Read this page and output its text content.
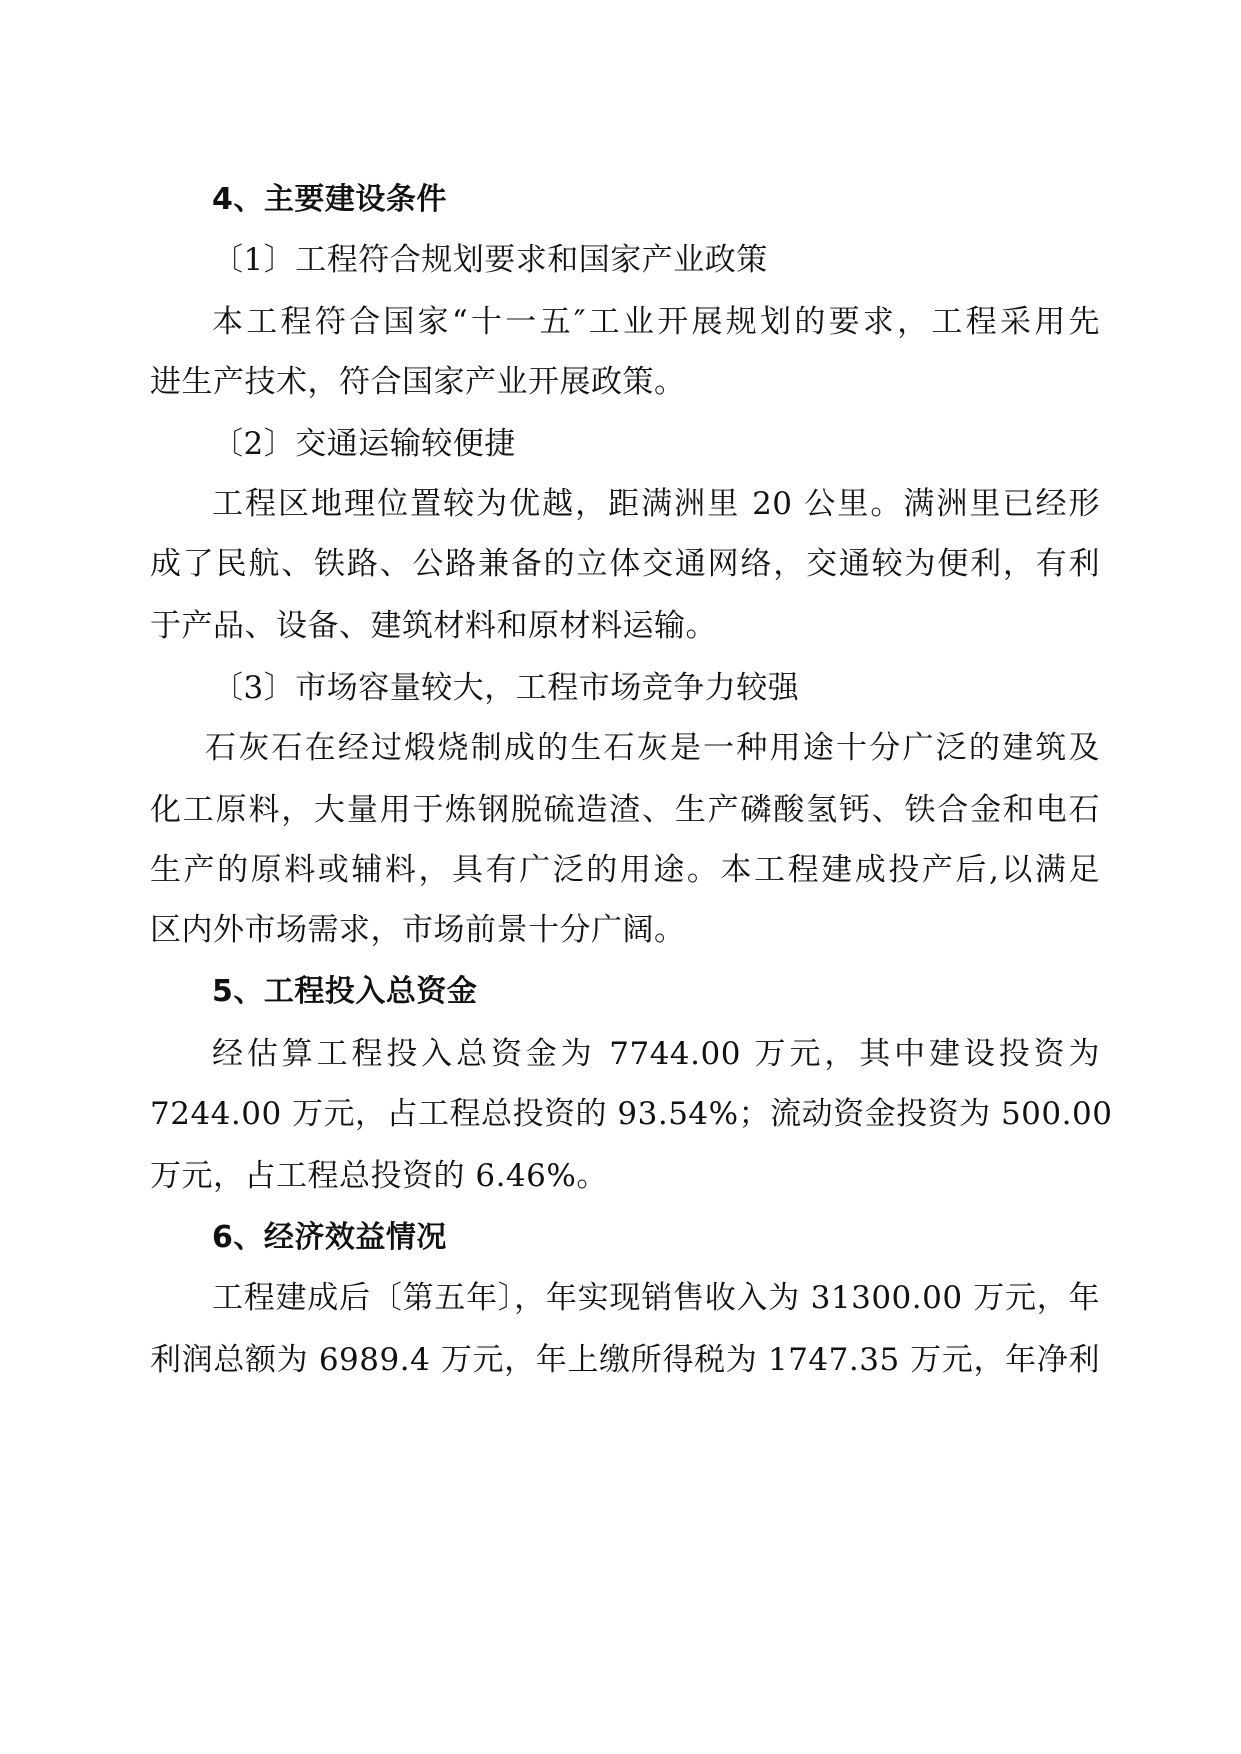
4、主要建设条件
〔1〕工程符合规划要求和国家产业政策
本工程符合国家“十一五″工业开展规划的要求，工程采用先
进生产技术，符合国家产业开展政策。
〔2〕交通运输较便捷
工程区地理位置较为优越，距满洲里 20 公里。满洲里已经形
成了民航、铁路、公路兼备的立体交通网络，交通较为便利，有利
于产品、设备、建筑材料和原材料运输。
〔3〕市场容量较大，工程市场竞争力较强
石灰石在经过煅烧制成的生石灰是一种用途十分广泛的建筑及
化工原料，大量用于炼钢脱硫造渣、生产磷酸氢钙、铁合金和电石
生产的原料或辅料，具有广泛的用途。本工程建成投产后,以满足
区内外市场需求，市场前景十分广阔。
5、工程投入总资金
经估算工程投入总资金为 7744.00 万元，其中建设投资为
7244.00 万元，占工程总投资的 93.54%；流动资金投资为 500.00
万元，占工程总投资的 6.46%。
6、经济效益情况
工程建成后〔第五年〕，年实现销售收入为 31300.00 万元，年
利润总额为 6989.4 万元，年上缴所得税为 1747.35 万元，年净利
